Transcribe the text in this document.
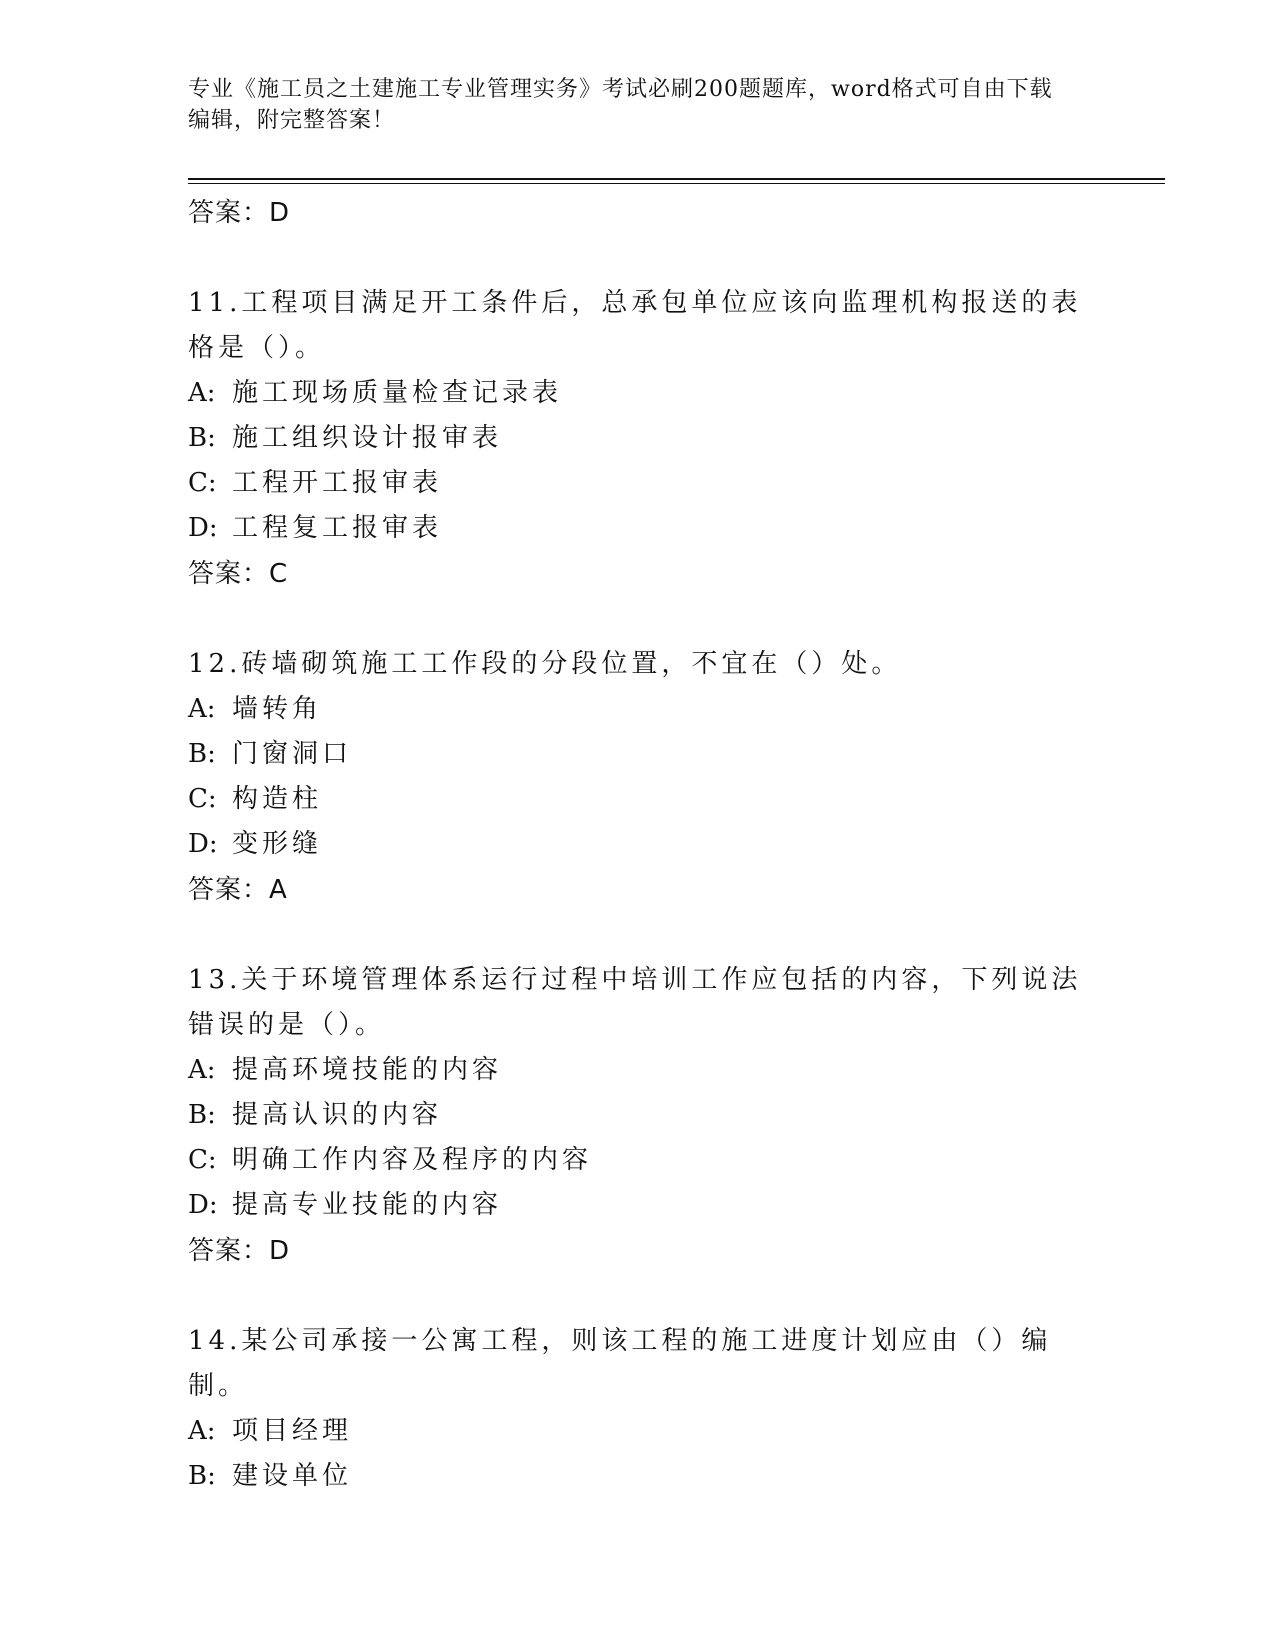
专业《施工员之土建施工专业管理实务》考试必刷200题题库，word格式可自由下载编辑，附完整答案！
答案：D
11.工程项目满足开工条件后，总承包单位应该向监理机构报送的表格是（）。
A: 施工现场质量检查记录表
B: 施工组织设计报审表
C: 工程开工报审表
D: 工程复工报审表
答案：C
12.砖墙砌筑施工工作段的分段位置，不宜在（）处。
A: 墙转角
B: 门窗洞口
C: 构造柱
D: 变形缝
答案：A
13.关于环境管理体系运行过程中培训工作应包括的内容，下列说法错误的是（）。
A: 提高环境技能的内容
B: 提高认识的内容
C: 明确工作内容及程序的内容
D: 提高专业技能的内容
答案：D
14.某公司承接一公寓工程，则该工程的施工进度计划应由（）编制。
A: 项目经理
B: 建设单位
